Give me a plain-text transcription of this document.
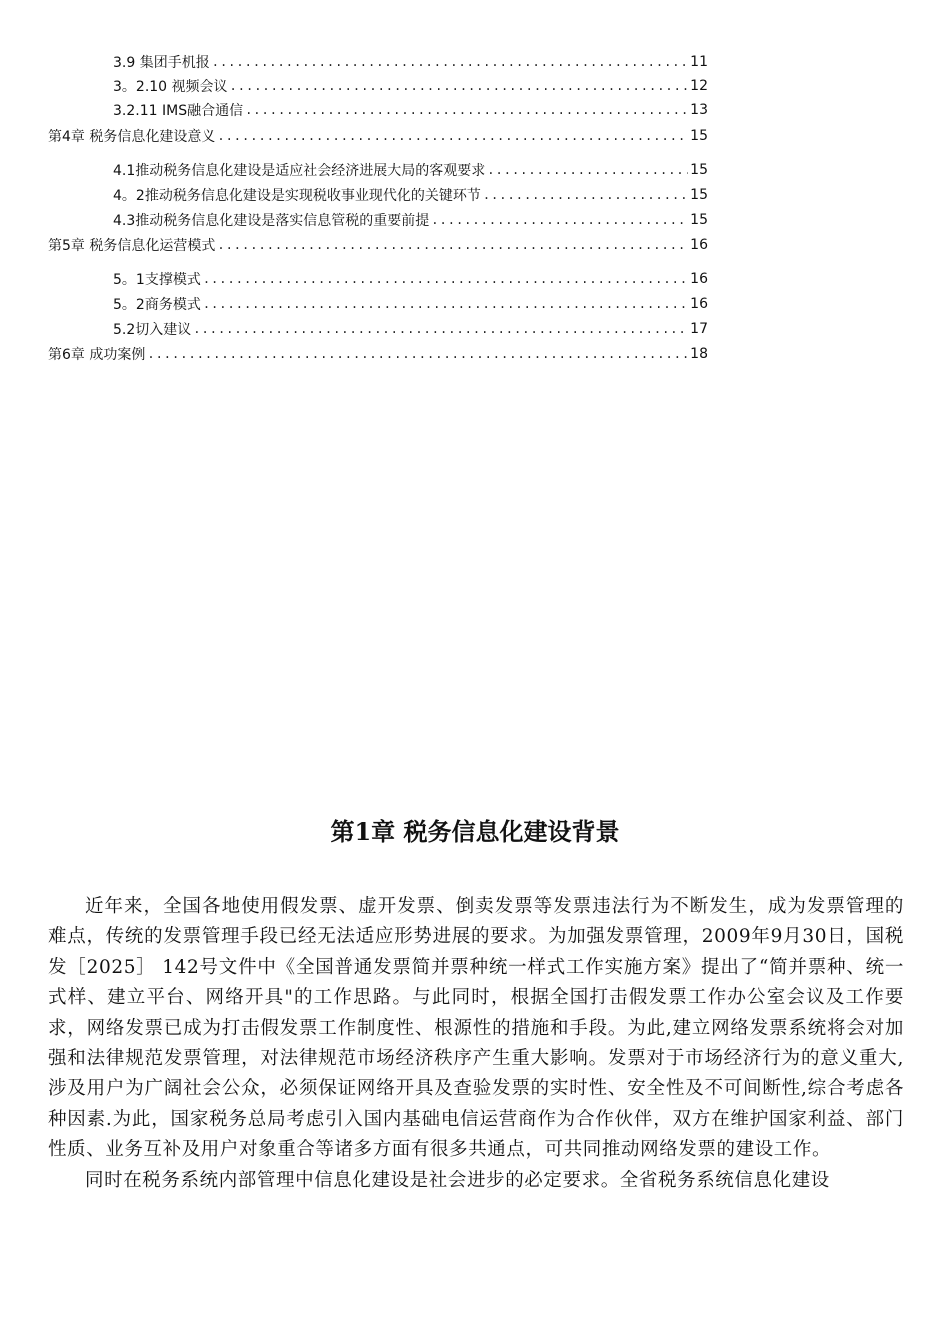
3.9 集团手机报 .....	11
3。2.10 视频会议 .....	12
3.2.11 IMS融合通信 .....	13
第4章 税务信息化建设意义 .....	15
4.1推动税务信息化建设是适应社会经济进展大局的客观要求 .....	15
4。2推动税务信息化建设是实现税收事业现代化的关键环节 .....	15
4.3推动税务信息化建设是落实信息管税的重要前提 .....	15
第5章 税务信息化运营模式 .....	16
5。1支撑模式 .....	16
5。2商务模式 .....	16
5.2切入建议 .....	17
第6章 成功案例 .....	18
第1章 税务信息化建设背景

近年来，全国各地使用假发票、虚开发票、倒卖发票等发票违法行为不断发生，成为发票管理的难点，传统的发票管理手段已经无法适应形势进展的要求。为加强发票管理，2009年9月30日，国税发［2025］ 142号文件中《全国普通发票简并票种统一样式工作实施方案》提出了“简并票种、统一式样、建立平台、网络开具"的工作思路。与此同时，根据全国打击假发票工作办公室会议及工作要求，网络发票已成为打击假发票工作制度性、根源性的措施和手段。为此,建立网络发票系统将会对加强和法律规范发票管理，对法律规范市场经济秩序产生重大影响。发票对于市场经济行为的意义重大,涉及用户为广阔社会公众，必须保证网络开具及查验发票的实时性、安全性及不可间断性,综合考虑各种因素.为此，国家税务总局考虑引入国内基础电信运营商作为合作伙伴，双方在维护国家利益、部门性质、业务互补及用户对象重合等诸多方面有很多共通点，可共同推动网络发票的建设工作。

同时在税务系统内部管理中信息化建设是社会进步的必定要求。全省税务系统信息化建设
